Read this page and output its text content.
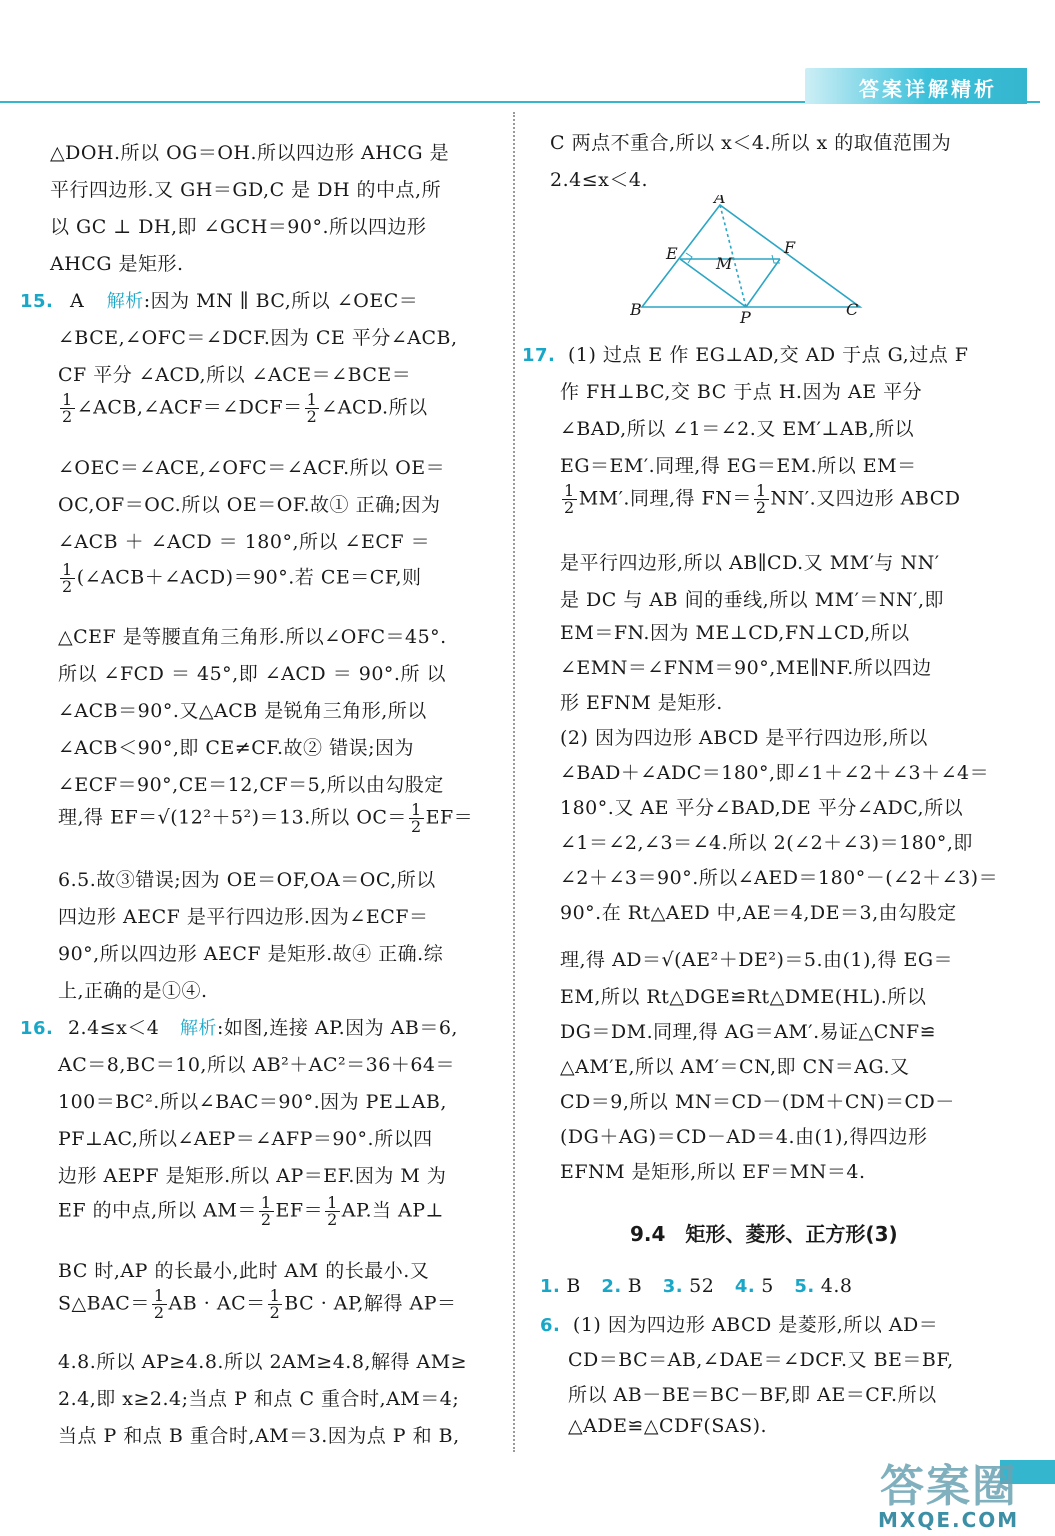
答案详解精析
△DOH.所以 OG＝OH.所以四边形 AHCG 是
平行四边形.又 GH＝GD,C 是 DH 的中点,所
以 GC ⊥ DH,即 ∠GCH＝90°.所以四边形
AHCG 是矩形.
15. A 解析:因为 MN ∥ BC,所以 ∠OEC＝
∠BCE,∠OFC＝∠DCF.因为 CE 平分∠ACB,
CF 平分 ∠ACD,所以 ∠ACE＝∠BCE＝
$\frac{1}{2}$ ∠ACB,∠ACF＝∠DCF＝ $\frac{1}{2}$ ∠ACD.所以
∠OEC＝∠ACE,∠OFC＝∠ACF.所以 OE＝
OC,OF＝OC.所以 OE＝OF.故① 正确;因为
∠ACB ＋ ∠ACD ＝ 180°,所以 ∠ECF ＝
$\frac{1}{2}$ (∠ACB＋∠ACD)＝90°.若 CE＝CF,则
△CEF 是等腰直角三角形.所以∠OFC＝45°.
所以 ∠FCD ＝ 45°,即 ∠ACD ＝ 90°.所 以
∠ACB＝90°.又△ACB 是锐角三角形,所以
∠ACB＜90°,即 CE≠CF.故② 错误;因为
∠ECF＝90°,CE＝12,CF＝5,所以由勾股定
理,得 EF＝√(12²＋5²)＝13.所以 $OC= \frac{1}{2} EF=$
6.5.故③错误;因为 OE＝OF,OA＝OC,所以
四边形 AECF 是平行四边形.因为∠ECF＝
90°,所以四边形 AECF 是矩形.故④ 正确.综
上,正确的是①④.
16. 2.4≤x＜4 解析:如图,连接 AP.因为 AB＝6,
AC＝8,BC＝10,所以 AB²＋AC²＝36＋64＝
100＝BC².所以∠BAC＝90°.因为 PE⊥AB,
PF⊥AC,所以∠AEP＝∠AFP＝90°.所以四
边形 AEPF 是矩形.所以 AP＝EF.因为 M 为
EF 的中点,所以 $AM= \frac{1}{2} EF= \frac{1}{2}$ AP.当 AP⊥
BC 时,AP 的长最小,此时 AM 的长最小.又
S△BAC＝ $\frac{1}{2}$ AB · $AC= \frac{1}{2}$ BC · AP,解得 AP＝
4.8.所以 AP≥4.8.所以 2AM≥4.8,解得 AM≥
2.4,即 x≥2.4;当点 P 和点 C 重合时,AM＝4;
当点 P 和点 B 重合时,AM＝3.因为点 P 和 B,
C 两点不重合,所以 x＜4.所以 x 的取值范围为
2.4≤x＜4.
A
E	F
M
B	P	C
17. (1) 过点 E 作 EG⊥AD,交 AD 于点 G,过点 F
作 FH⊥BC,交 BC 于点 H.因为 AE 平分
∠BAD,所以 ∠1＝∠2.又 EM′⊥AB,所以
EG＝EM′.同理,得 EG＝EM.所以 EM＝
$\frac{1}{2} MM'$.同理,得 $FN= \frac{1}{2} NN'$.又四边形 ABCD
是平行四边形,所以 AB∥CD.又 MM′与 NN′
是 DC 与 AB 间的垂线,所以 MM′＝NN′,即
EM＝FN.因为 ME⊥CD,FN⊥CD,所以
∠EMN＝∠FNM＝90°,ME∥NF.所以四边
形 EFNM 是矩形.
(2) 因为四边形 ABCD 是平行四边形,所以
∠BAD＋∠ADC＝180°,即∠1＋∠2＋∠3＋∠4＝
180°.又 AE 平分∠BAD,DE 平分∠ADC,所以
∠1＝∠2,∠3＝∠4.所以 2(∠2＋∠3)＝180°,即
∠2＋∠3＝90°.所以∠AED＝180°－(∠2＋∠3)＝
90°.在 Rt△AED 中,AE＝4,DE＝3,由勾股定
理,得 AD＝√(AE²＋DE²)＝5.由(1),得 EG＝
EM,所以 Rt△DGE≌Rt△DME(HL).所以
DG＝DM.同理,得 AG＝AM′.易证△CNF≌
△AM′E,所以 AM′＝CN,即 CN＝AG.又
CD＝9,所以 MN＝CD－(DM＋CN)＝CD－
(DG＋AG)＝CD－AD＝4.由(1),得四边形
EFNM 是矩形,所以 EF＝MN＝4.
9.4　矩形、菱形、正方形(3)
1. B 2. B 3. 52 4. 5 5. 4.8
6. (1) 因为四边形 ABCD 是菱形,所以 AD＝
CD＝BC＝AB,∠DAE＝∠DCF.又 BE＝BF,
所以 AB－BE＝BC－BF,即 AE＝CF.所以
△ADE≌△CDF(SAS).
答案圈
MXQE.COM
